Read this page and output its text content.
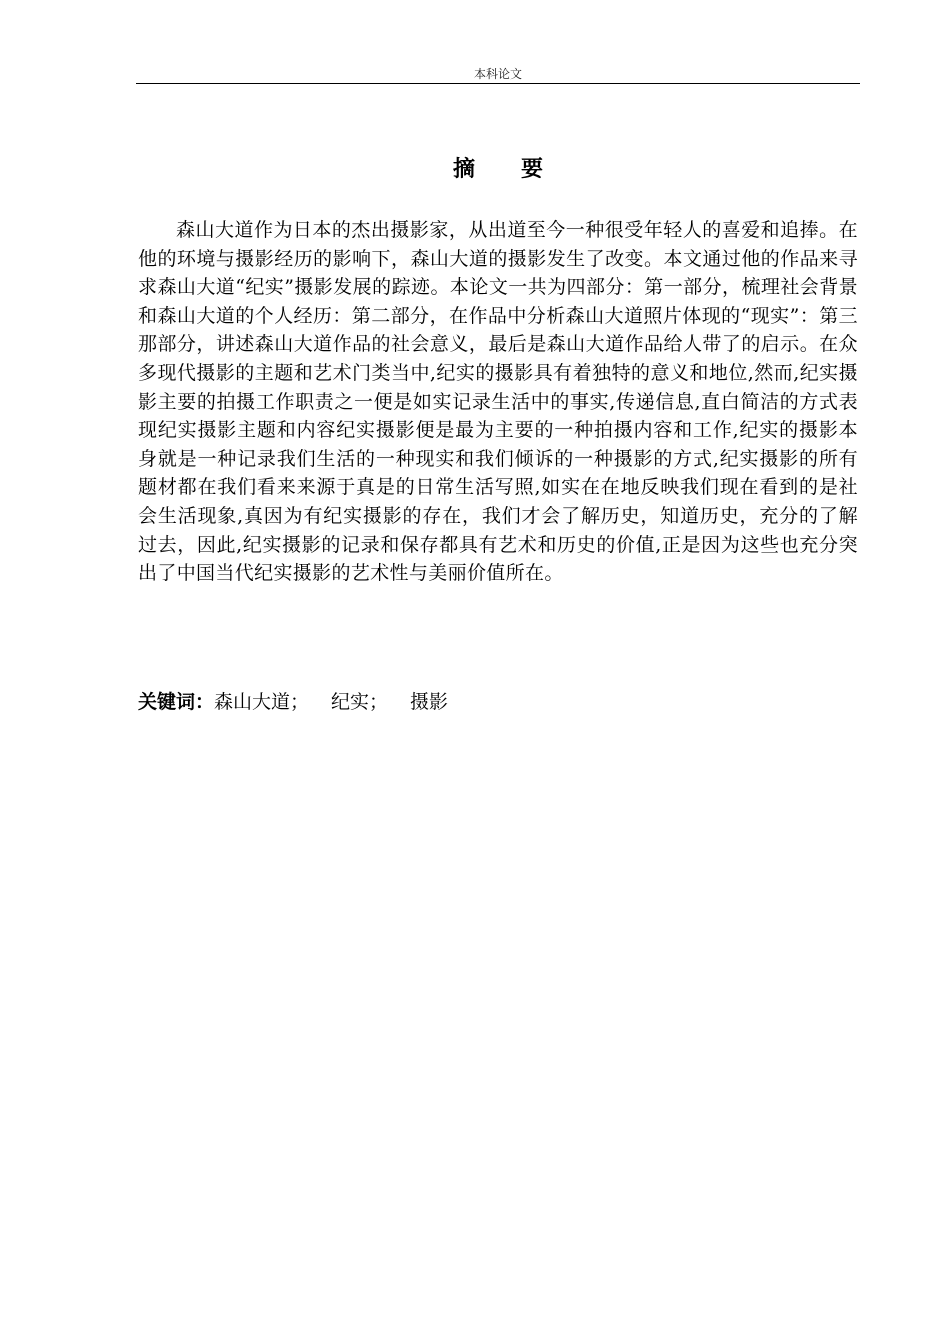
本科论文
摘 要

森山大道作为日本的杰出摄影家，从出道至今一种很受年轻人的喜爱和追捧。在他的环境与摄影经历的影响下，森山大道的摄影发生了改变。本文通过他的作品来寻求森山大道“纪实”摄影发展的踪迹。本论文一共为四部分：第一部分，梳理社会背景和森山大道的个人经历：第二部分，在作品中分析森山大道照片体现的“现实”：第三那部分，讲述森山大道作品的社会意义，最后是森山大道作品给人带了的启示。在众多现代摄影的主题和艺术门类当中,纪实的摄影具有着独特的意义和地位,然而,纪实摄影主要的拍摄工作职责之一便是如实记录生活中的事实,传递信息,直白简洁的方式表现纪实摄影主题和内容纪实摄影便是最为主要的一种拍摄内容和工作,纪实的摄影本身就是一种记录我们生活的一种现实和我们倾诉的一种摄影的方式,纪实摄影的所有题材都在我们看来来源于真是的日常生活写照,如实在在地反映我们现在看到的是社会生活现象,真因为有纪实摄影的存在，我们才会了解历史，知道历史，充分的了解过去，因此,纪实摄影的记录和保存都具有艺术和历史的价值,正是因为这些也充分突出了中国当代纪实摄影的艺术性与美丽价值所在。

关键词：森山大道； 纪实； 摄影
